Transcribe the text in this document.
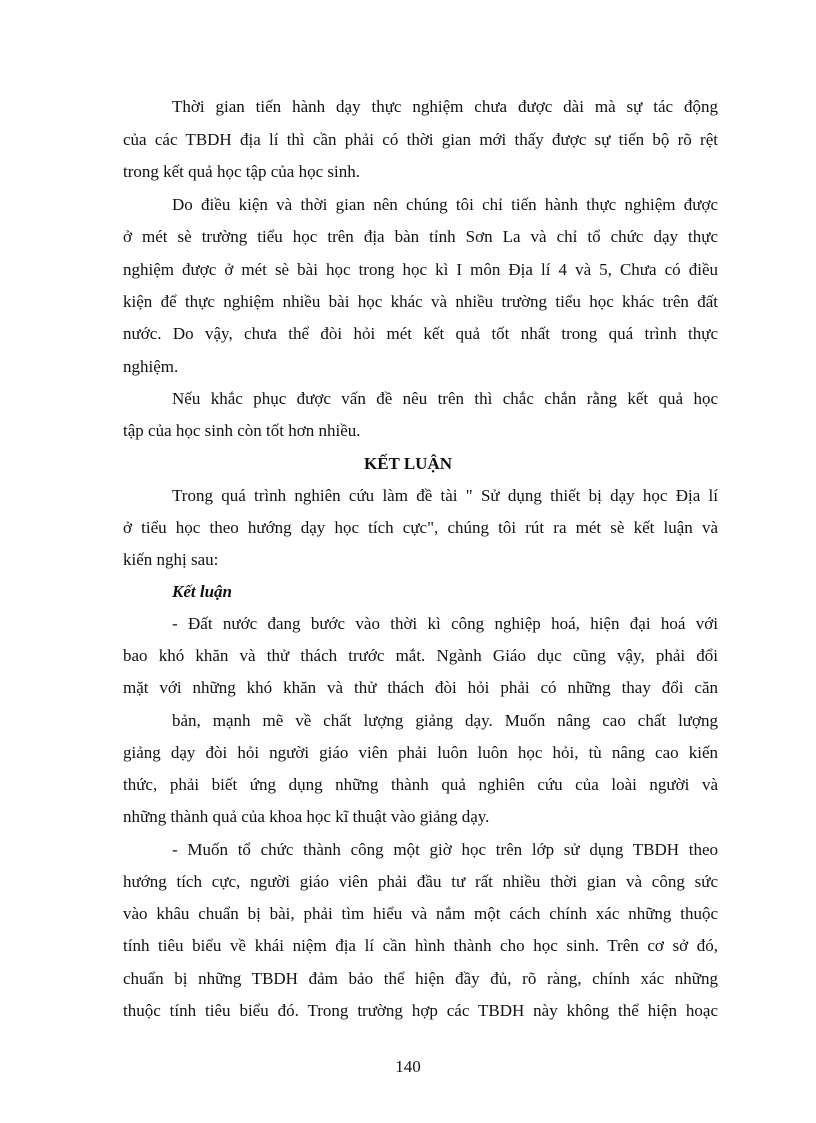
Thời gian tiến hành dạy thực nghiệm chưa được dài mà sự tác động
của các TBDH địa lí thì cần phải có thời gian mới thấy được sự tiến bộ rõ rệt
trong kết quả học tập của học sinh.
Do điều kiện và thời gian nên chúng tôi chỉ tiến hành thực nghiệm được
ở mét sè trường tiểu học trên địa bàn tỉnh Sơn La và chỉ tổ chức dạy thực
nghiệm được ở mét sè bài học trong học kì I môn Địa lí 4 và 5, Chưa có điều
kiện để thực nghiệm nhiều bài học khác và nhiều trường tiểu học khác trên đất
nước. Do vậy, chưa thể đòi hỏi mét kết quả tốt nhất trong quá trình thực
nghiệm.
Nếu khắc phục được vấn đề nêu trên thì chắc chắn rằng kết quả học
tập của học sinh còn tốt hơn nhiều.
KẾT LUẬN
Trong quá trình nghiên cứu làm đề tài " Sử dụng thiết bị dạy học Địa lí
ở tiểu học theo hướng dạy học tích cực", chúng tôi rút ra mét sè kết luận và
kiến nghị sau:
Kết luận
- Đất nước đang bước vào thời kì công nghiệp hoá, hiện đại hoá với
bao khó khăn và thử thách trước mắt. Ngành Giáo dục cũng vậy, phải đổi
mặt với những khó khăn và thử thách đòi hỏi phải có những thay đổi căn
bản, mạnh mẽ về chất lượng giảng dạy. Muốn nâng cao chất lượng
giảng dạy đòi hỏi người giáo viên phải luôn luôn học hỏi, tù nâng cao kiến
thức, phải biết ứng dụng những thành quả nghiên cứu của loài người và
những thành quả của khoa học kĩ thuật vào giảng dạy.
- Muốn tổ chức thành công một giờ học trên lớp sử dụng TBDH theo
hướng tích cực, người giáo viên phải đầu tư rất nhiều thời gian và công sức
vào khâu chuẩn bị bài, phải tìm hiểu và nắm một cách chính xác những thuộc
tính tiêu biểu về khái niệm địa lí cần hình thành cho học sinh. Trên cơ sở đó,
chuẩn bị những TBDH đảm bảo thể hiện đầy đủ, rõ ràng, chính xác những
thuộc tính tiêu biểu đó. Trong trường hợp các TBDH này không thể hiện hoạc
140
